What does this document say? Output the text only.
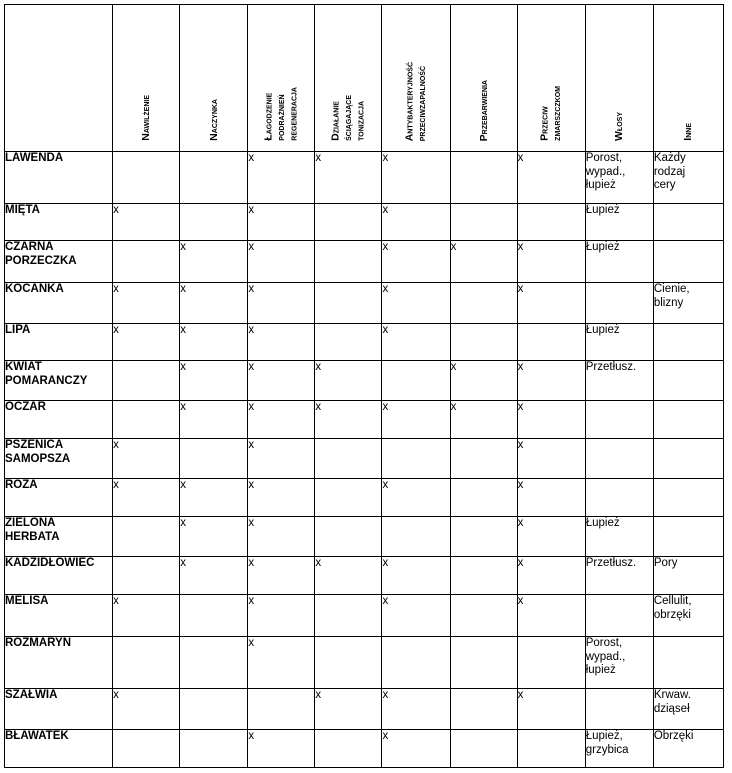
	Nawilżenie	Naczynka	Łagodzenie
podrażnień
regeneracja	Działanie
ściągające
tonizacja	Antybakteryjność
przeciwzapalność	Przebarwienia	Przeciw
zmarszczkom	Włosy	Inne

LAWENDA			x	x	x		x	Porost,
wypad.,
łupież	Każdy
rodzaj
cery
MIĘTA	x		x		x			Łupież	
CZARNA
PORZECZKA		x	x		x	x	x	Łupież	
KOCANKA	x	x	x		x		x		Cienie,
blizny
LIPA	x	x	x		x			Łupież	
KWIAT
POMARANCZY		x	x	x		x	x	Przetłusz.	
OCZAR		x	x	x	x	x	x		

PSZENICA
SAMOPSZA	x		x				x		

ROZA	x	x	x		x		x		

ZIELONA
HERBATA		x	x				x	Łupież	
KADZIDŁOWIEC		x	x	x	x		x	Przetłusz.	Pory
MELISA	x		x		x		x		Cellulit,
obrzęki
ROZMARYN			x					Porost,
wypad.,
łupież	
SZAŁWIA	x			x	x		x		Krwaw.
dziąseł
BŁAWATEK			x		x			Łupież,
grzybica	Obrzęki
